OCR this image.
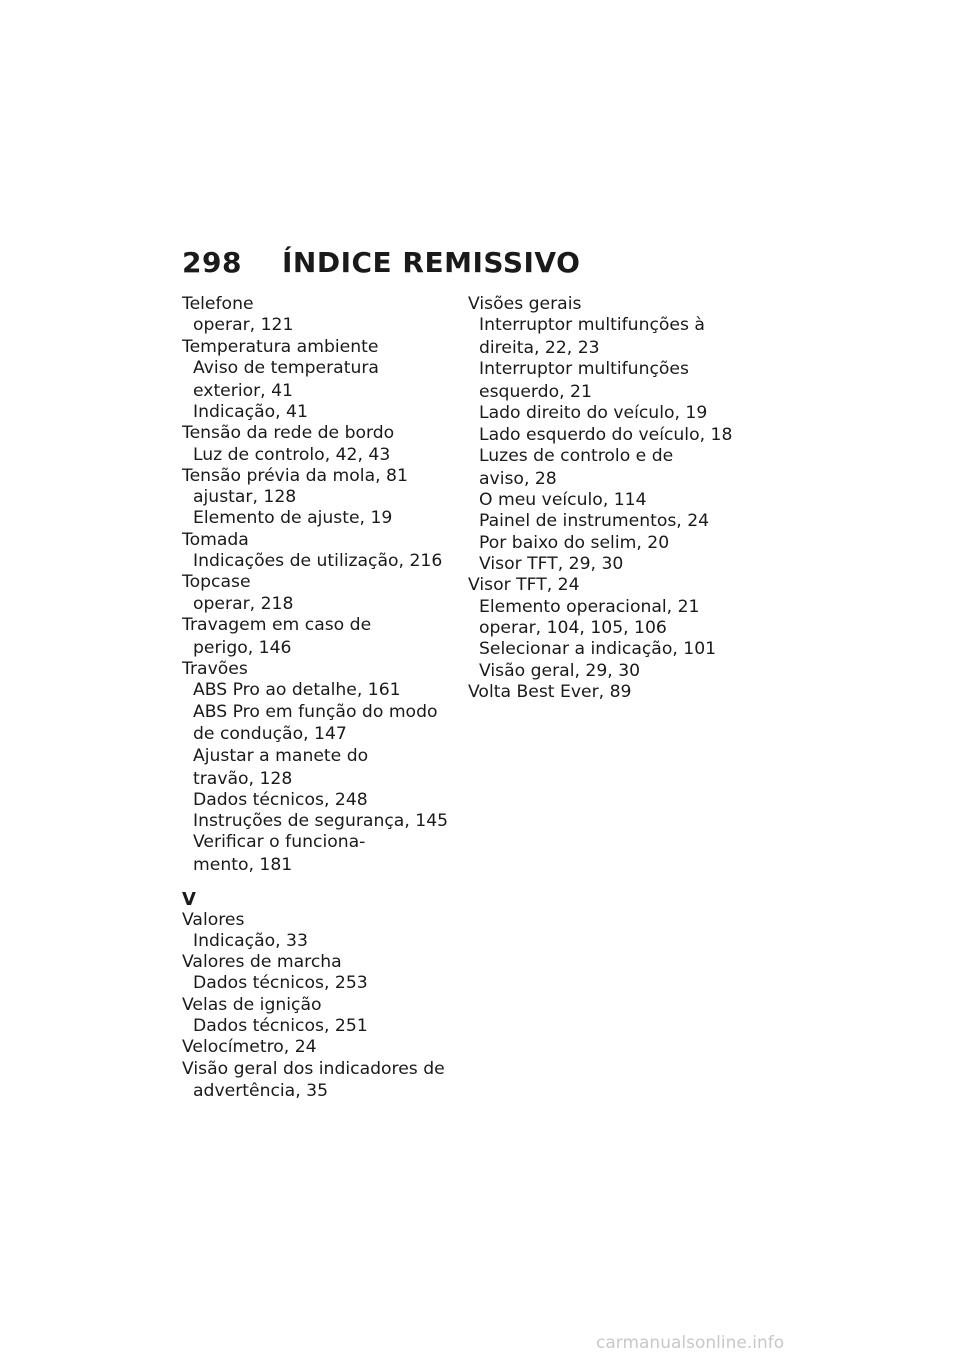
298 ÍNDICE REMISSIVO
Telefone
operar, 121
Temperatura ambiente
Aviso de temperatura
exterior, 41
Indicação, 41
Tensão da rede de bordo
Luz de controlo, 42, 43
Tensão prévia da mola, 81
ajustar, 128
Elemento de ajuste, 19
Tomada
Indicações de utilização, 216
Topcase
operar, 218
Travagem em caso de
perigo, 146
Travões
ABS Pro ao detalhe, 161
ABS Pro em função do modo
de condução, 147
Ajustar a manete do
travão, 128
Dados técnicos, 248
Instruções de segurança, 145
Verificar o funciona-
mento, 181
V
Valores
Indicação, 33
Valores de marcha
Dados técnicos, 253
Velas de ignição
Dados técnicos, 251
Velocímetro, 24
Visão geral dos indicadores de
advertência, 35
Visões gerais
Interruptor multifunções à
direita, 22, 23
Interruptor multifunções
esquerdo, 21
Lado direito do veículo, 19
Lado esquerdo do veículo, 18
Luzes de controlo e de
aviso, 28
O meu veículo, 114
Painel de instrumentos, 24
Por baixo do selim, 20
Visor TFT, 29, 30
Visor TFT, 24
Elemento operacional, 21
operar, 104, 105, 106
Selecionar a indicação, 101
Visão geral, 29, 30
Volta Best Ever, 89
carmanualsonline.info
